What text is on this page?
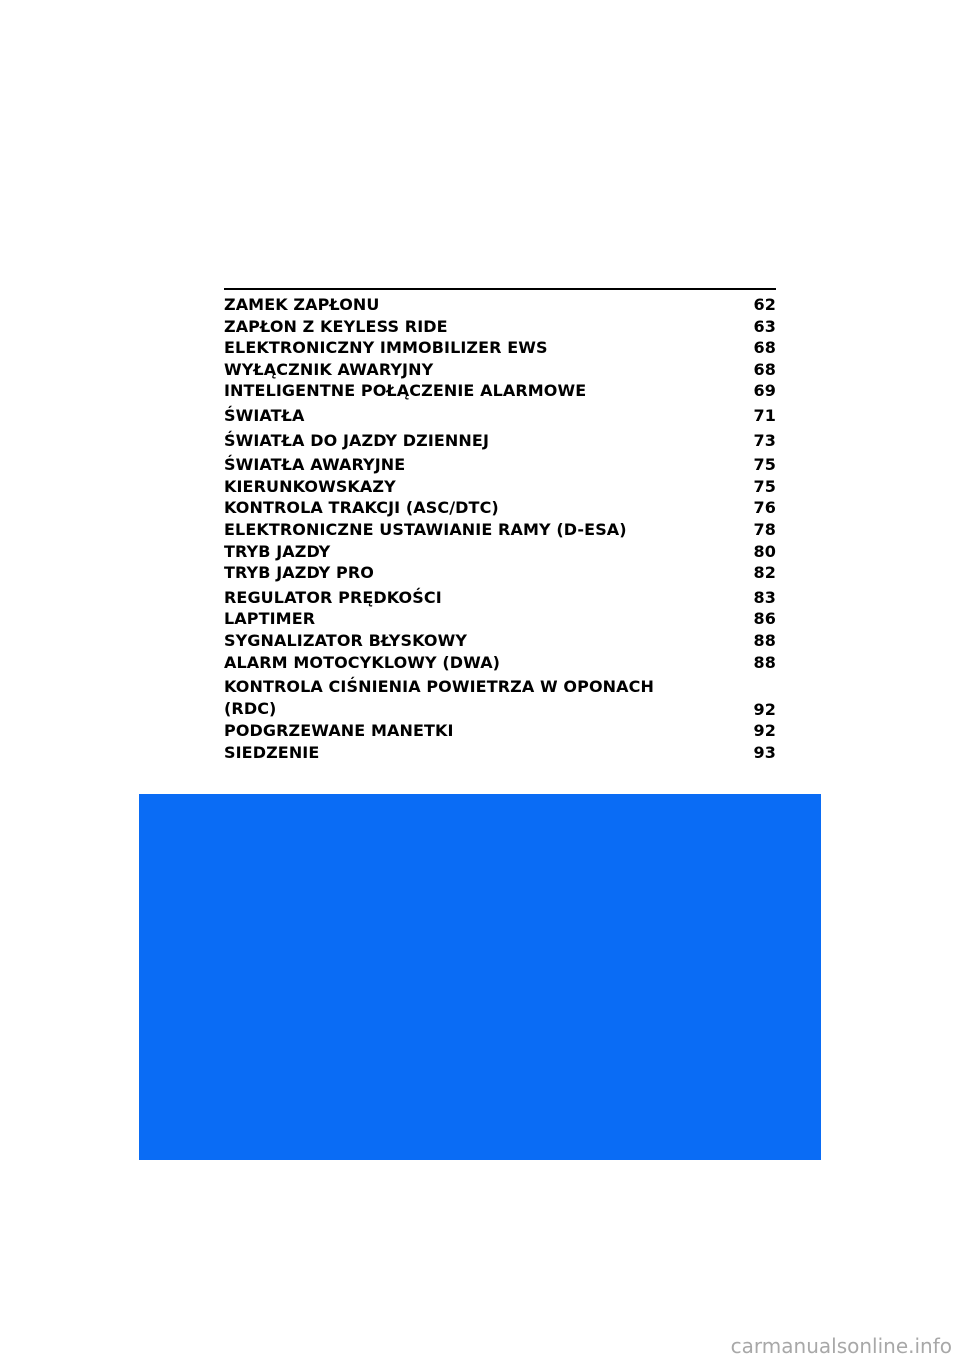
ZAMEK ZAPŁONU	62
ZAPŁON Z KEYLESS RIDE	63
ELEKTRONICZNY IMMOBILIZER EWS	68
WYŁĄCZNIK AWARYJNY	68
INTELIGENTNE POŁĄCZENIE ALARMOWE	69
ŚWIATŁA	71
ŚWIATŁA DO JAZDY DZIENNEJ	73
ŚWIATŁA AWARYJNE	75
KIERUNKOWSKAZY	75
KONTROLA TRAKCJI (ASC/DTC)	76
ELEKTRONICZNE USTAWIANIE RAMY (D-ESA)	78
TRYB JAZDY	80
TRYB JAZDY PRO	82
REGULATOR PRĘDKOŚCI	83
LAPTIMER	86
SYGNALIZATOR BŁYSKOWY	88
ALARM MOTOCYKLOWY (DWA)	88
KONTROLA CIŚNIENIA POWIETRZA W OPONACH
(RDC)	92
PODGRZEWANE MANETKI	92
SIEDZENIE	93
carmanualsonline.info
